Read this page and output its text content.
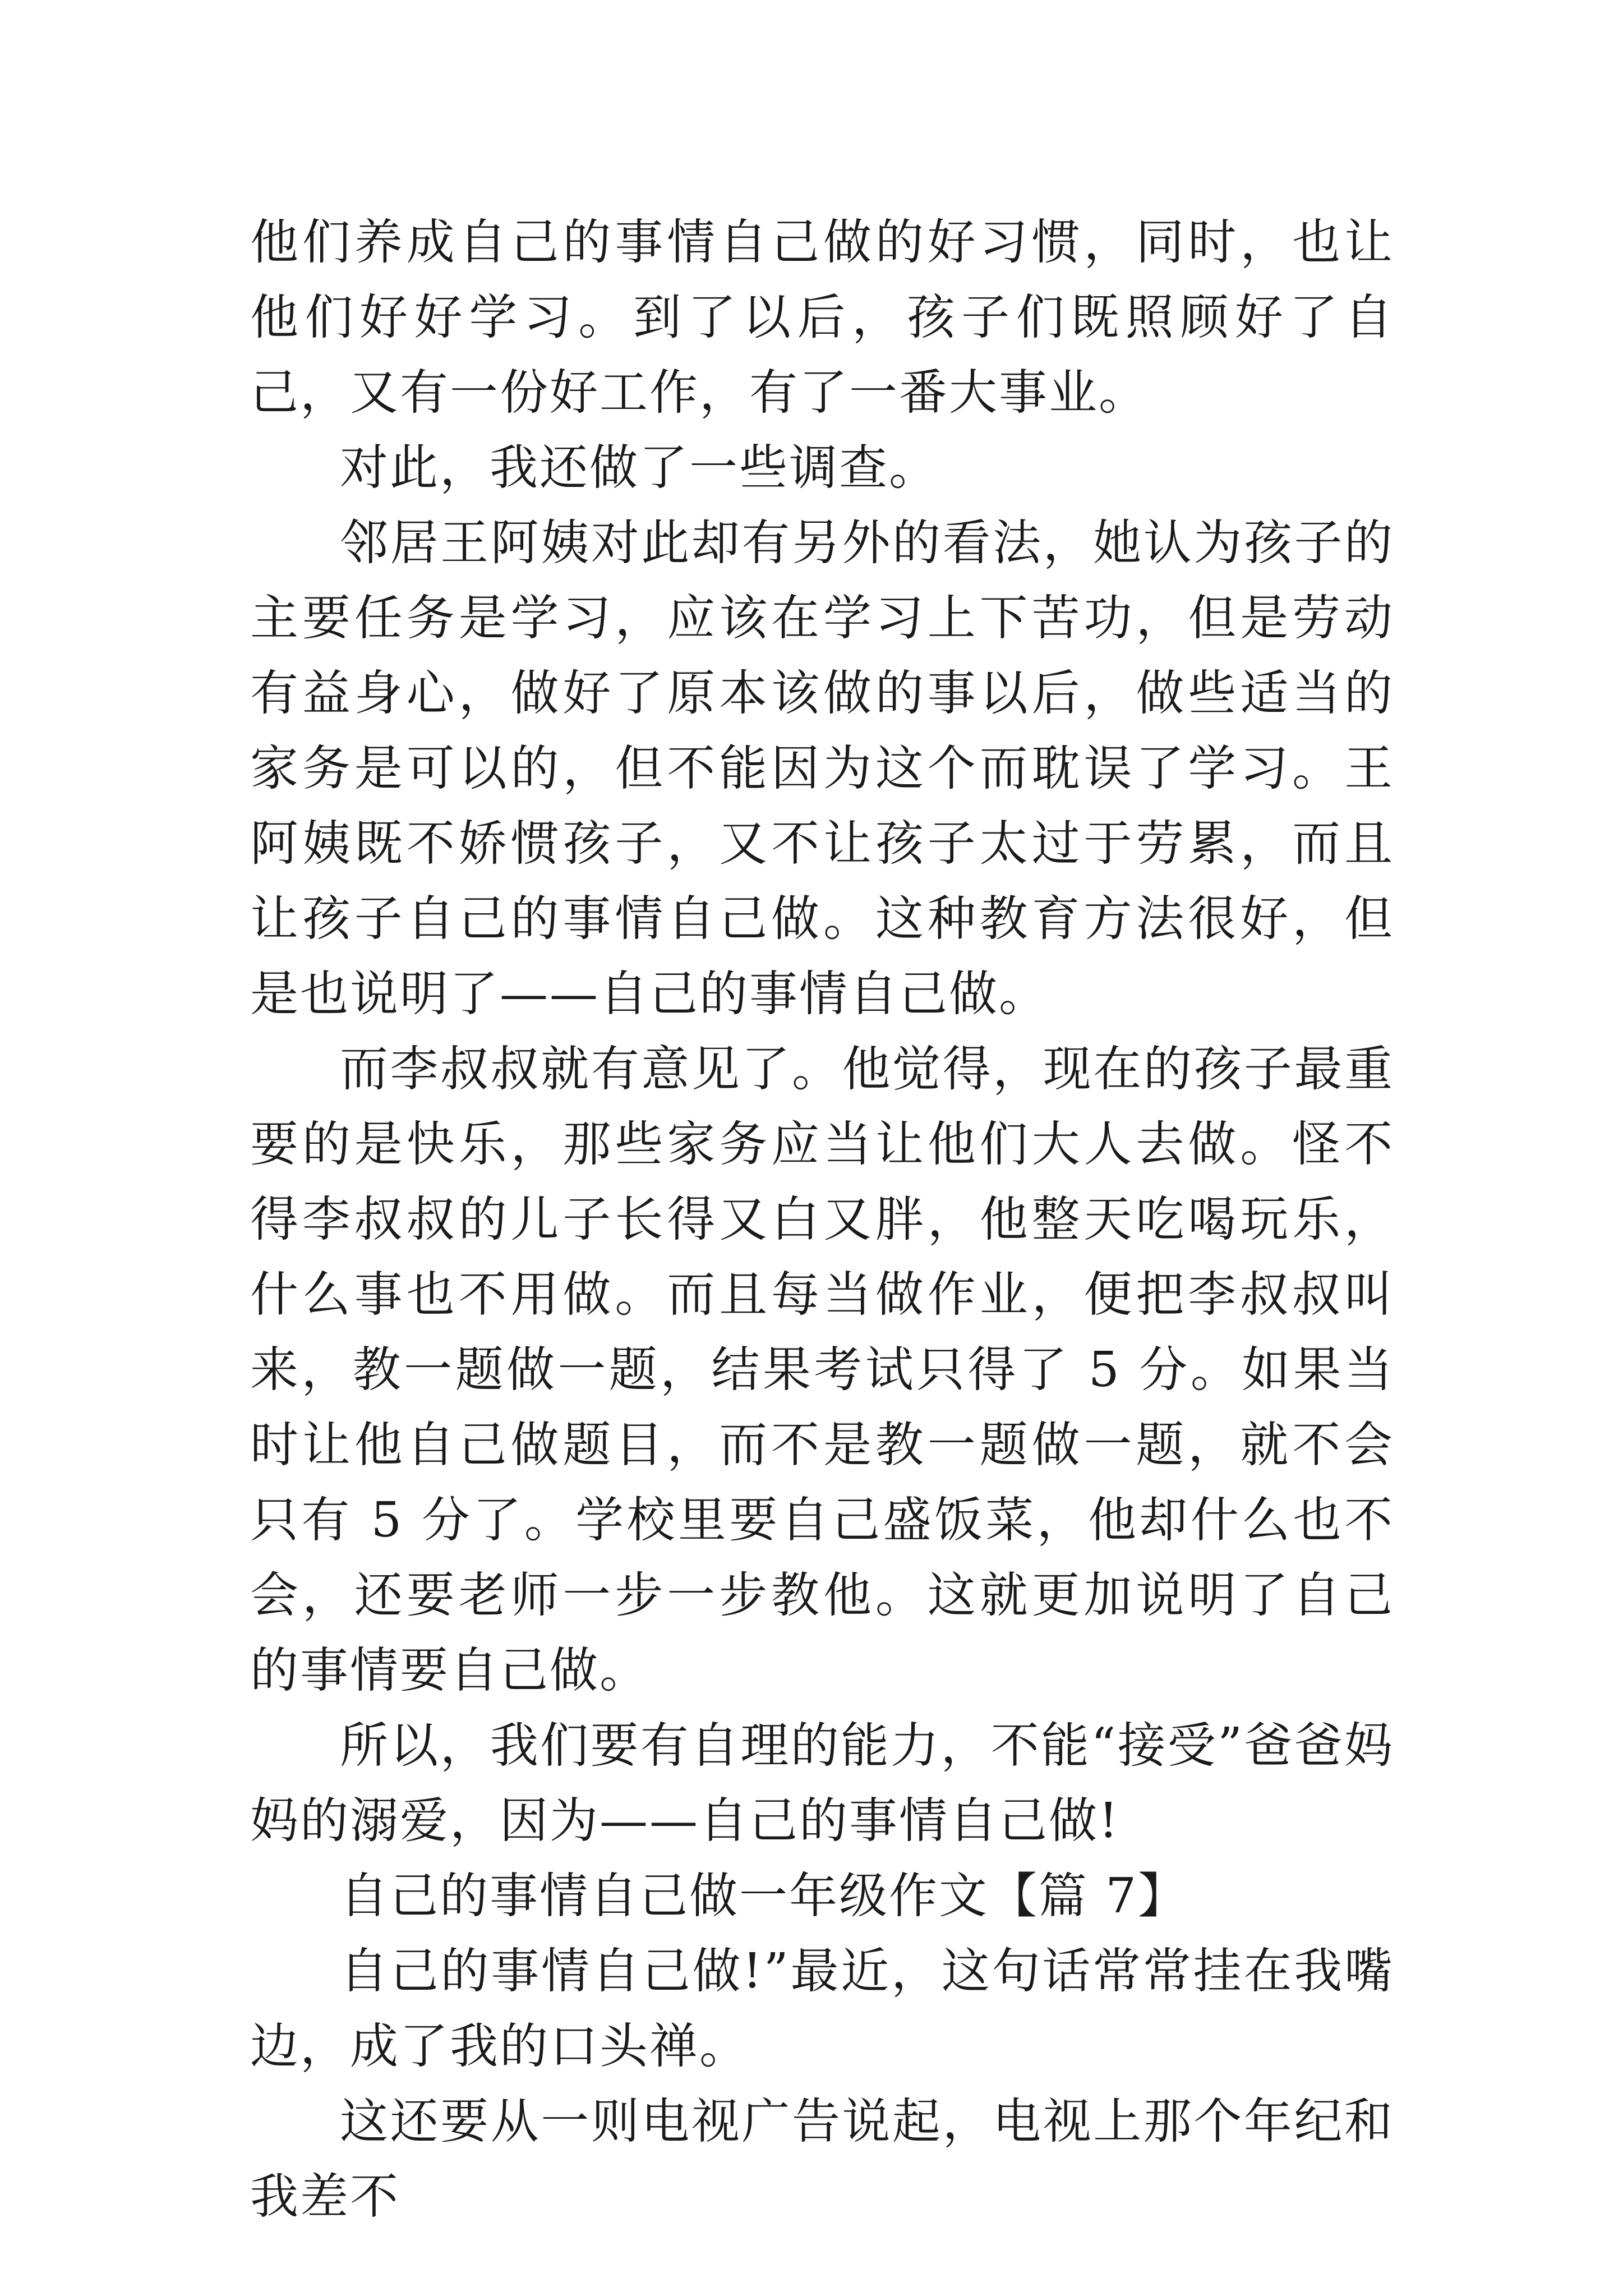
他们养成自己的事情自己做的好习惯，同时，也让他们好好学习。到了以后，孩子们既照顾好了自己，又有一份好工作，有了一番大事业。

对此，我还做了一些调查。

邻居王阿姨对此却有另外的看法，她认为孩子的主要任务是学习，应该在学习上下苦功，但是劳动有益身心，做好了原本该做的事以后，做些适当的家务是可以的，但不能因为这个而耽误了学习。王阿姨既不娇惯孩子，又不让孩子太过于劳累，而且让孩子自己的事情自己做。这种教育方法很好，但是也说明了——自己的事情自己做。

而李叔叔就有意见了。他觉得，现在的孩子最重要的是快乐，那些家务应当让他们大人去做。怪不得李叔叔的儿子长得又白又胖，他整天吃喝玩乐，什么事也不用做。而且每当做作业，便把李叔叔叫来，教一题做一题，结果考试只得了 5 分。如果当时让他自己做题目，而不是教一题做一题，就不会只有 5 分了。学校里要自己盛饭菜，他却什么也不会，还要老师一步一步教他。这就更加说明了自己的事情要自己做。

所以，我们要有自理的能力，不能“接受”爸爸妈妈的溺爱，因为——自己的事情自己做!

自己的事情自己做一年级作文【篇 7】

自己的事情自己做!”最近，这句话常常挂在我嘴边，成了我的口头禅。

这还要从一则电视广告说起，电视上那个年纪和我差不
